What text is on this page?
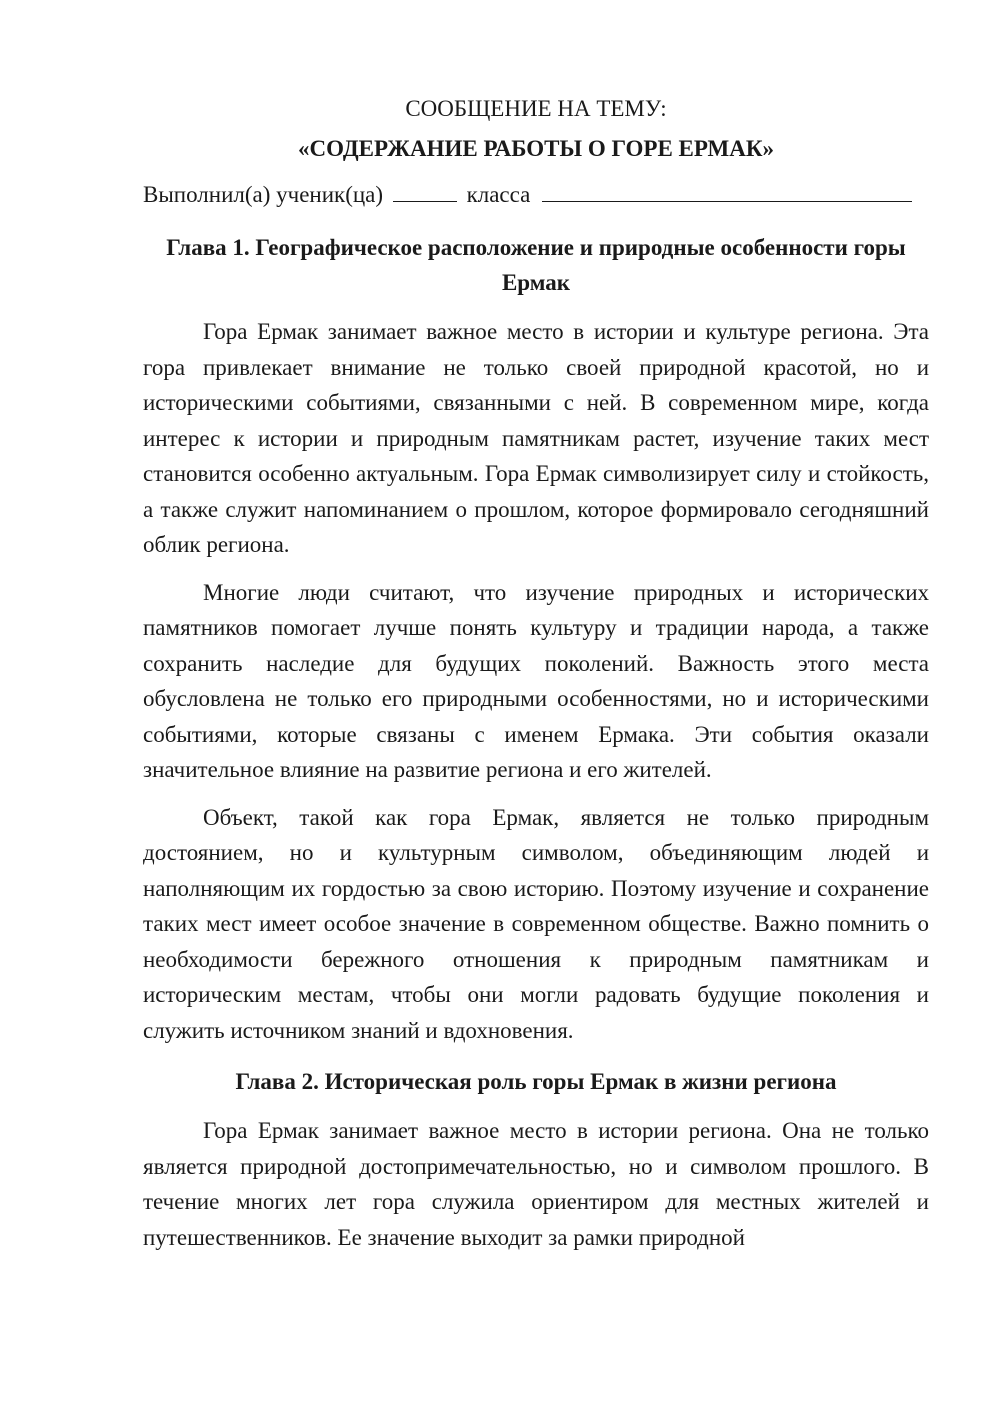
СООБЩЕНИЕ НА ТЕМУ:
«СОДЕРЖАНИЕ РАБОТЫ О ГОРЕ ЕРМАК»
Выполнил(а) ученик(ца)	класса
Глава 1. Географическое расположение и природные особенности горы Ермак

Гора Ермак занимает важное место в истории и культуре региона. Эта гора привлекает внимание не только своей природной красотой, но и историческими событиями, связанными с ней. В современном мире, когда интерес к истории и природным памятникам растет, изучение таких мест становится особенно актуальным. Гора Ермак символизирует силу и стойкость, а также служит напоминанием о прошлом, которое формировало сегодняшний облик региона.

Многие люди считают, что изучение природных и исторических памятников помогает лучше понять культуру и традиции народа, а также сохранить наследие для будущих поколений. Важность этого места обусловлена не только его природными особенностями, но и историческими событиями, которые связаны с именем Ермака. Эти события оказали значительное влияние на развитие региона и его жителей.

Объект, такой как гора Ермак, является не только природным достоянием, но и культурным символом, объединяющим людей и наполняющим их гордостью за свою историю. Поэтому изучение и сохранение таких мест имеет особое значение в современном обществе. Важно помнить о необходимости бережного отношения к природным памятникам и историческим местам, чтобы они могли радовать будущие поколения и служить источником знаний и вдохновения.

Глава 2. Историческая роль горы Ермак в жизни региона

Гора Ермак занимает важное место в истории региона. Она не только является природной достопримечательностью, но и символом прошлого. В течение многих лет гора служила ориентиром для местных жителей и путешественников. Ее значение выходит за рамки природной
